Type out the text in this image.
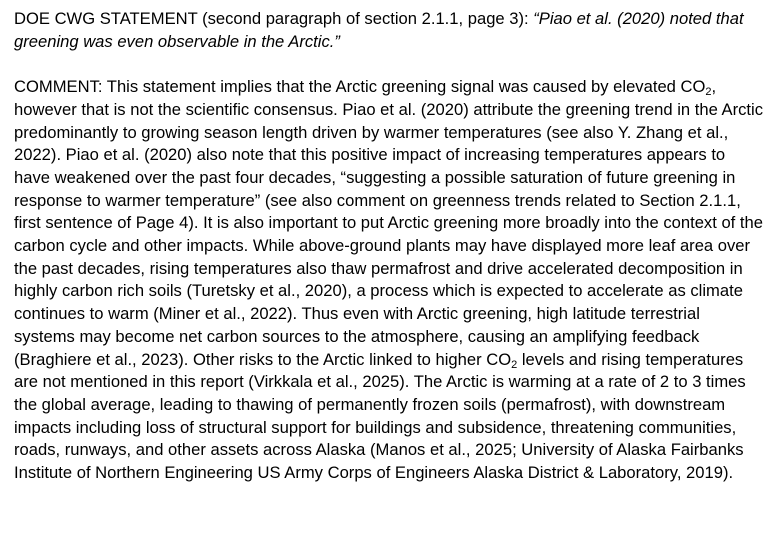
DOE CWG STATEMENT (second paragraph of section 2.1.1, page 3): “Piao et al. (2020) noted that greening was even observable in the Arctic.”

COMMENT: This statement implies that the Arctic greening signal was caused by elevated $CO_2$, however that is not the scientific consensus. Piao et al. (2020) attribute the greening trend in the Arctic predominantly to growing season length driven by warmer temperatures (see also Y. Zhang et al., 2022). Piao et al. (2020) also note that this positive impact of increasing temperatures appears to have weakened over the past four decades, “suggesting a possible saturation of future greening in response to warmer temperature” (see also comment on greenness trends related to Section 2.1.1, first sentence of Page 4). It is also important to put Arctic greening more broadly into the context of the carbon cycle and other impacts. While above-ground plants may have displayed more leaf area over the past decades, rising temperatures also thaw permafrost and drive accelerated decomposition in highly carbon rich soils (Turetsky et al., 2020), a process which is expected to accelerate as climate continues to warm (Miner et al., 2022). Thus even with Arctic greening, high latitude terrestrial systems may become net carbon sources to the atmosphere, causing an amplifying feedback (Braghiere et al., 2023). Other risks to the Arctic linked to higher $CO_2$ levels and rising temperatures are not mentioned in this report (Virkkala et al., 2025). The Arctic is warming at a rate of 2 to 3 times the global average, leading to thawing of permanently frozen soils (permafrost), with downstream impacts including loss of structural support for buildings and subsidence, threatening communities, roads, runways, and other assets across Alaska (Manos et al., 2025; University of Alaska Fairbanks Institute of Northern Engineering US Army Corps of Engineers Alaska District & Laboratory, 2019).
